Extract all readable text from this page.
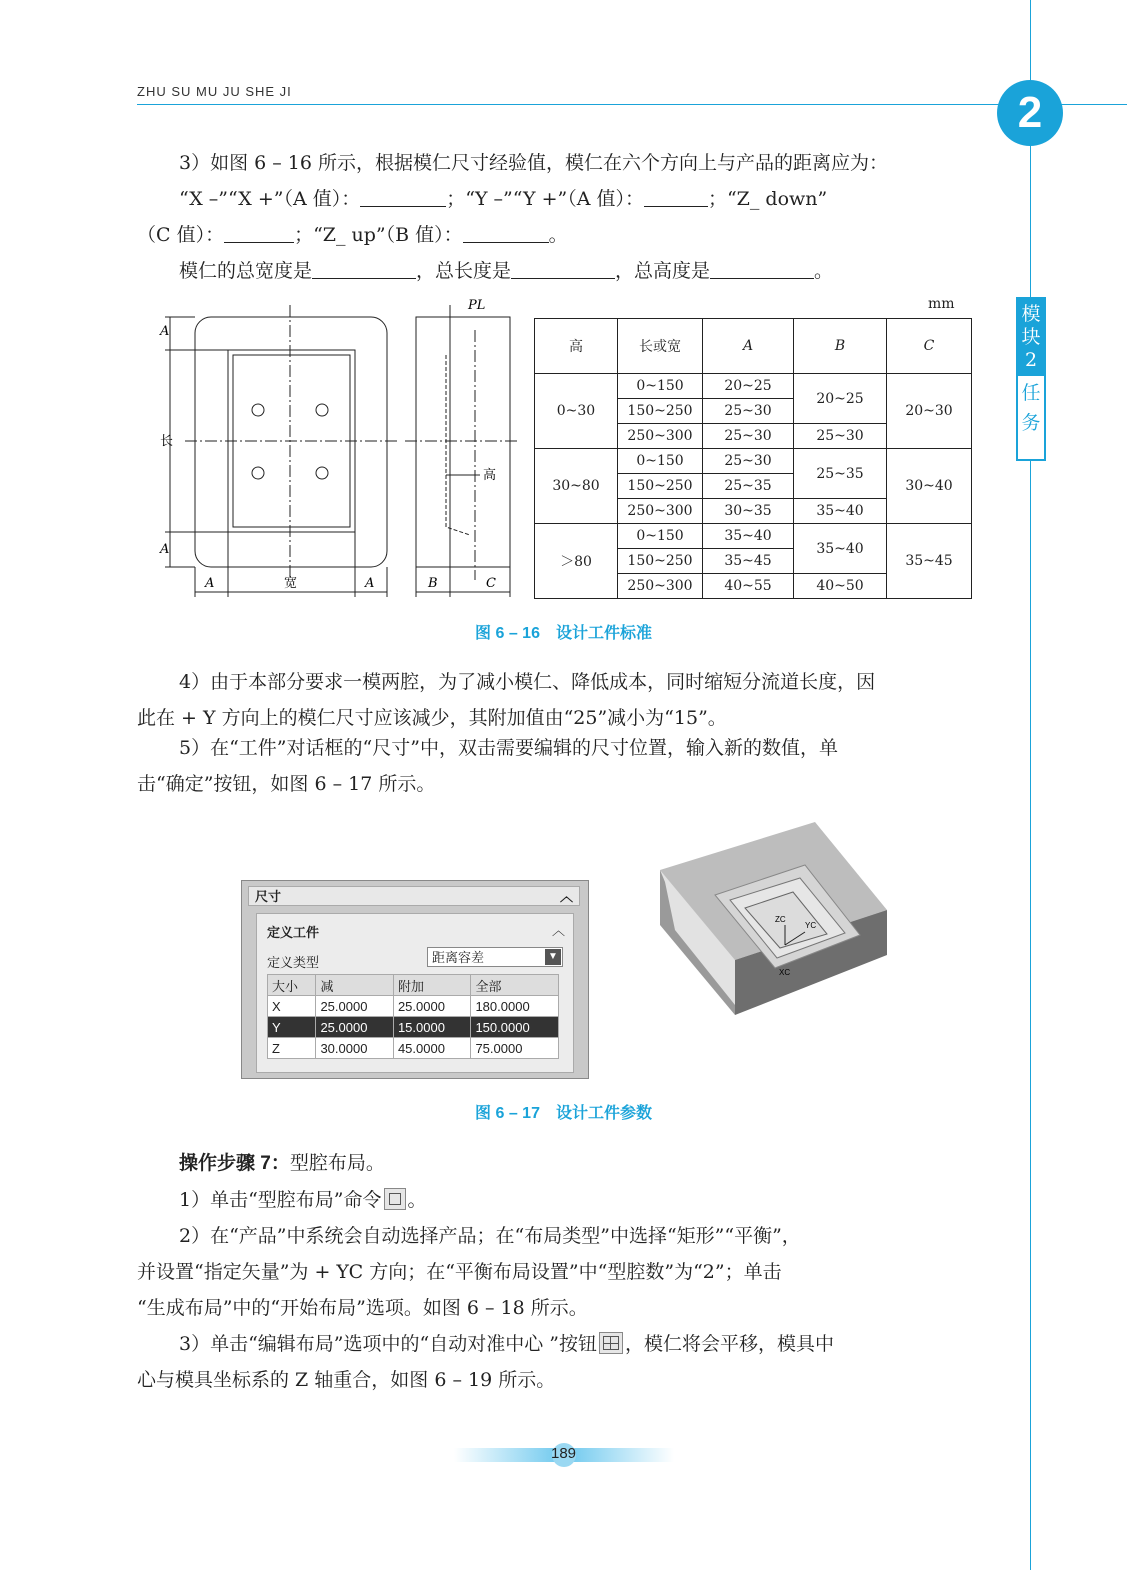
ZHU SU MU JU SHE JI	2
模
块
2
任
务
3）如图 6 – 16 所示，根据模仁尺寸经验值，模仁在六个方向上与产品的距离应为：
“X –”“X +”（A 值）：	；“Y –”“Y +”（A 值）：	；“Z_ down”
（C 值）：	；“Z_ up”（B 值）：	。
模仁的总宽度是	，总长度是	，总高度是	。
A
长
A
A	宽	A	B	C
PL
高
mm
高	长或宽	A	B	C
0~30	0~150	20~25	20~25	20~30
	150~250	25~30		
	250~300	25~30	25~30	
30~80	0~150	25~30	25~35	30~40
	150~250	25~35		
	250~300	30~35	35~40	
＞80	0~150	35~40	35~40	35~45
	150~250	35~45		
	250~300	40~55	40~50	
图 6 – 16　设计工件标准
4）由于本部分要求一模两腔，为了减小模仁、降低成本，同时缩短分流道长度，因
此在 + Y 方向上的模仁尺寸应该减少，其附加值由“25”减小为“15”。
5）在“工件”对话框的“尺寸”中，双击需要编辑的尺寸位置，输入新的数值，单
击“确定”按钮，如图 6 – 17 所示。
尺寸	︿
定义工件	︿
定义类型	距离容差	▼
大小	减	附加	全部
X	25.0000	25.0000	180.0000
Y	25.0000	15.0000	150.0000
Z	30.0000	45.0000	75.0000
ZC
YC
XC
图 6 – 17　设计工件参数
操作步骤 7：型腔布局。
1）单击“型腔布局”命令 。
2）在“产品”中系统会自动选择产品；在“布局类型”中选择“矩形”“平衡”，
并设置“指定矢量”为 + YC 方向；在“平衡布局设置”中“型腔数”为“2”；单击
“生成布局”中的“开始布局”选项。如图 6 – 18 所示。
3）单击“编辑布局”选项中的“自动对准中心 ”按钮 ，模仁将会平移，模具中
心与模具坐标系的 Z 轴重合，如图 6 – 19 所示。
189
